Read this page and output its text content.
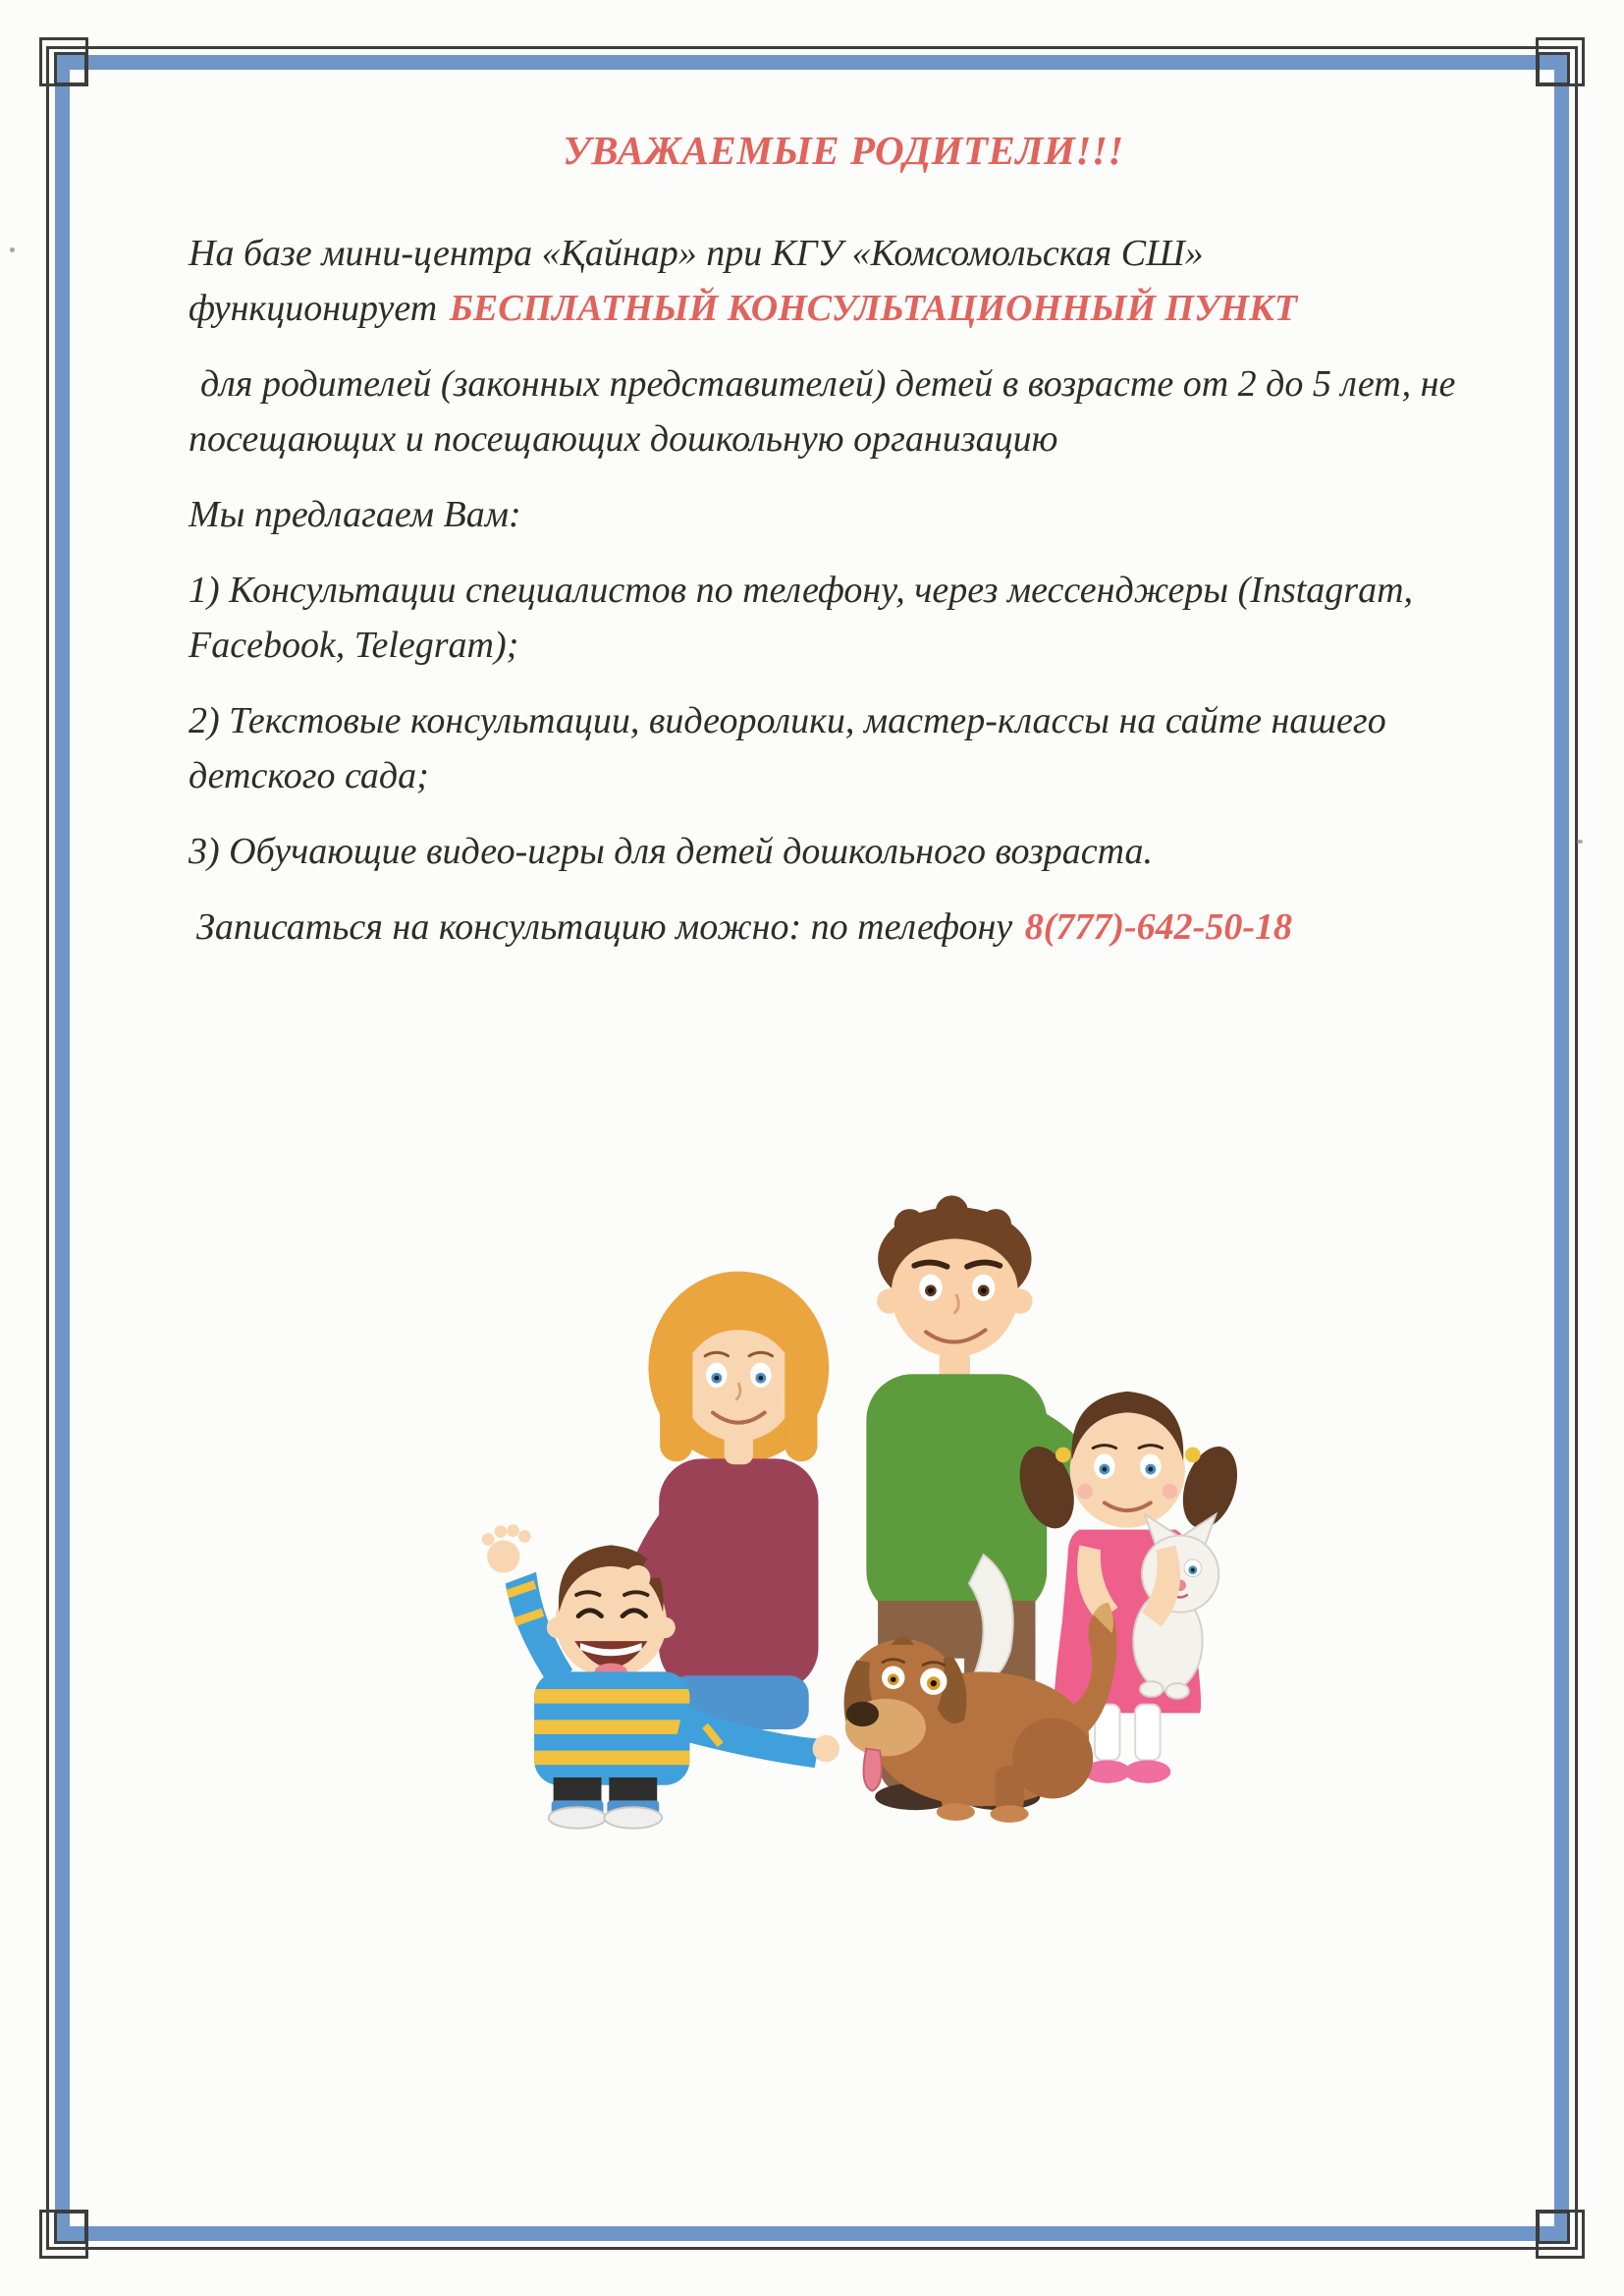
УВАЖАЕМЫЕ РОДИТЕЛИ!!!

На базе мини-центра «Қайнар» при КГУ «Комсомольская СШ»
функционирует БЕСПЛАТНЫЙ КОНСУЛЬТАЦИОННЫЙ ПУНКТ

для родителей (законных представителей) детей в возрасте от 2 до 5 лет, не посещающих и посещающих дошкольную организацию

Мы предлагаем Вам:

1) Консультации специалистов по телефону, через мессенджеры (Instagram, Facebook, Telegram);

2) Текстовые консультации, видеоролики, мастер-классы на сайте нашего детского сада;

3) Обучающие видео-игры для детей дошкольного возраста.

Записаться на консультацию можно: по телефону 8(777)-642-50-18
